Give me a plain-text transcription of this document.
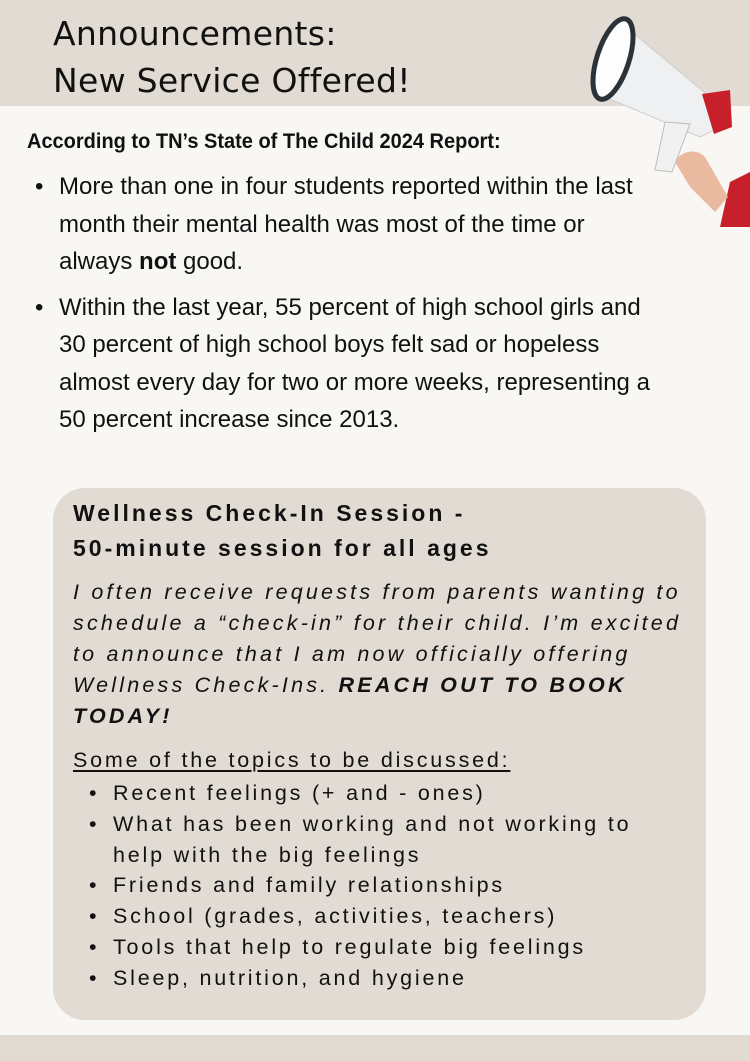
Announcements:
New Service Offered!
According to TN’s State of The Child 2024 Report:
• More than one in four students reported within the last month their mental health was most of the time or always not good.
• Within the last year, 55 percent of high school girls and 30 percent of high school boys felt sad or hopeless almost every day for two or more weeks, representing a 50 percent increase since 2013.
Wellness Check-In Session -
50-minute session for all ages
I often receive requests from parents wanting to schedule a “check-in” for their child. I’m excited to announce that I am now officially offering Wellness Check-Ins. REACH OUT TO BOOK TODAY!
Some of the topics to be discussed:
• Recent feelings (+ and - ones)
• What has been working and not working to help with the big feelings
• Friends and family relationships
• School (grades, activities, teachers)
• Tools that help to regulate big feelings
• Sleep, nutrition, and hygiene
